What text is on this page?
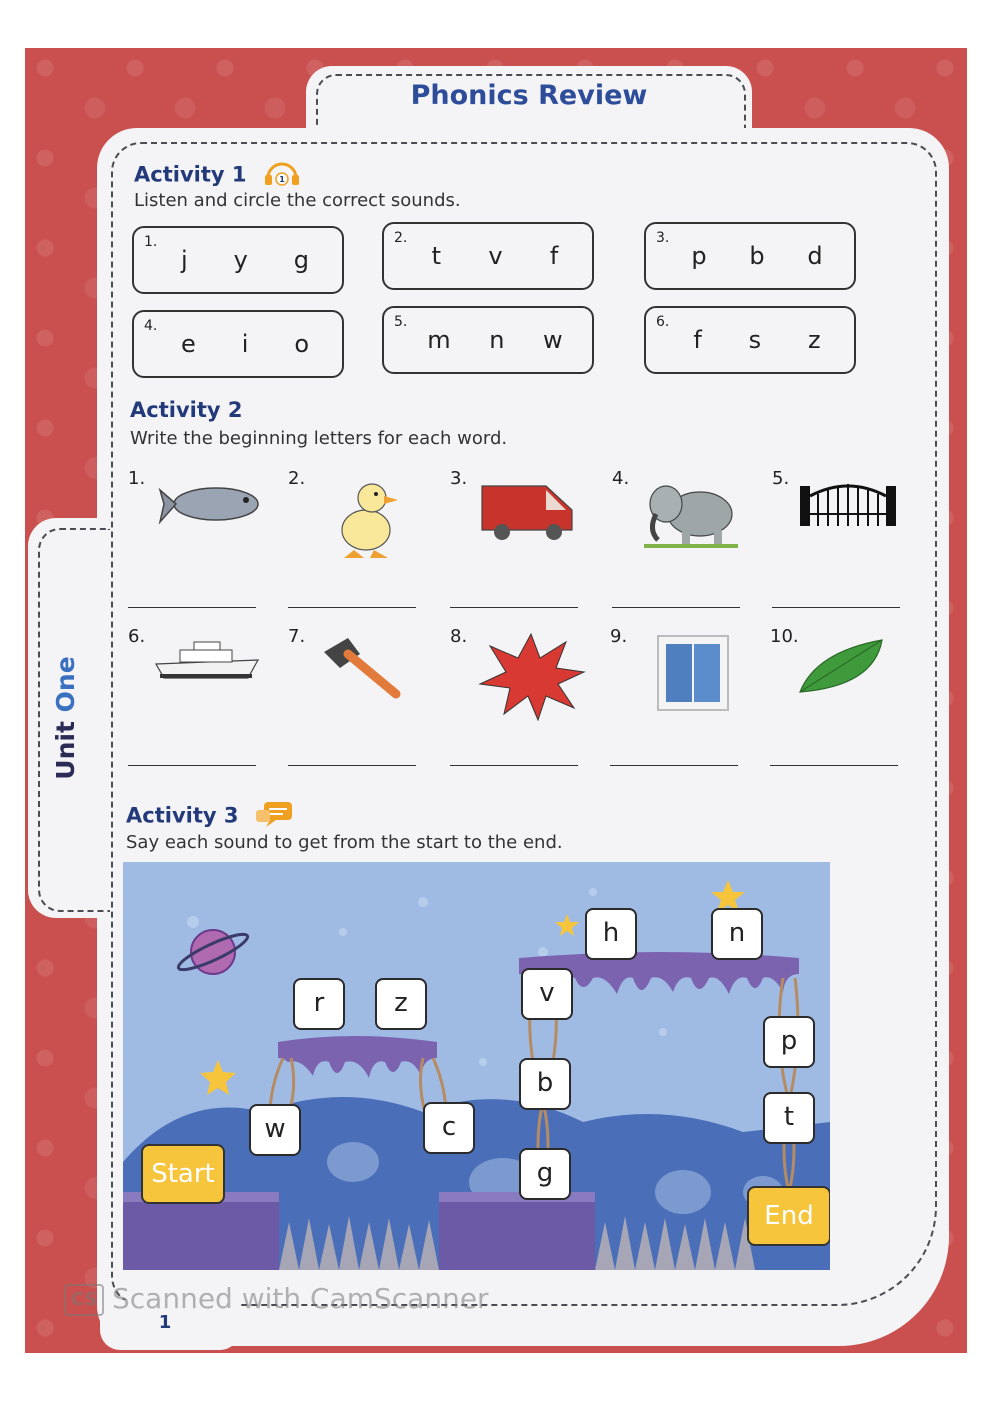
Phonics Review
Unit One
Activity 1	1
Listen and circle the correct sounds.
1.
j y g
2.
t v f
3.
p b d
4.
e i o
5.
m n w
6.
f s z
Activity 2
Write the beginning letters for each word.
1.	2.	3.	4.	5.
6.	7.	8.	9.	10.
Activity 3
Say each sound to get from the start to the end.
Start
End
w
r	z
c
g
b
v
h	n
p
t
1
CS Scanned with CamScanner
